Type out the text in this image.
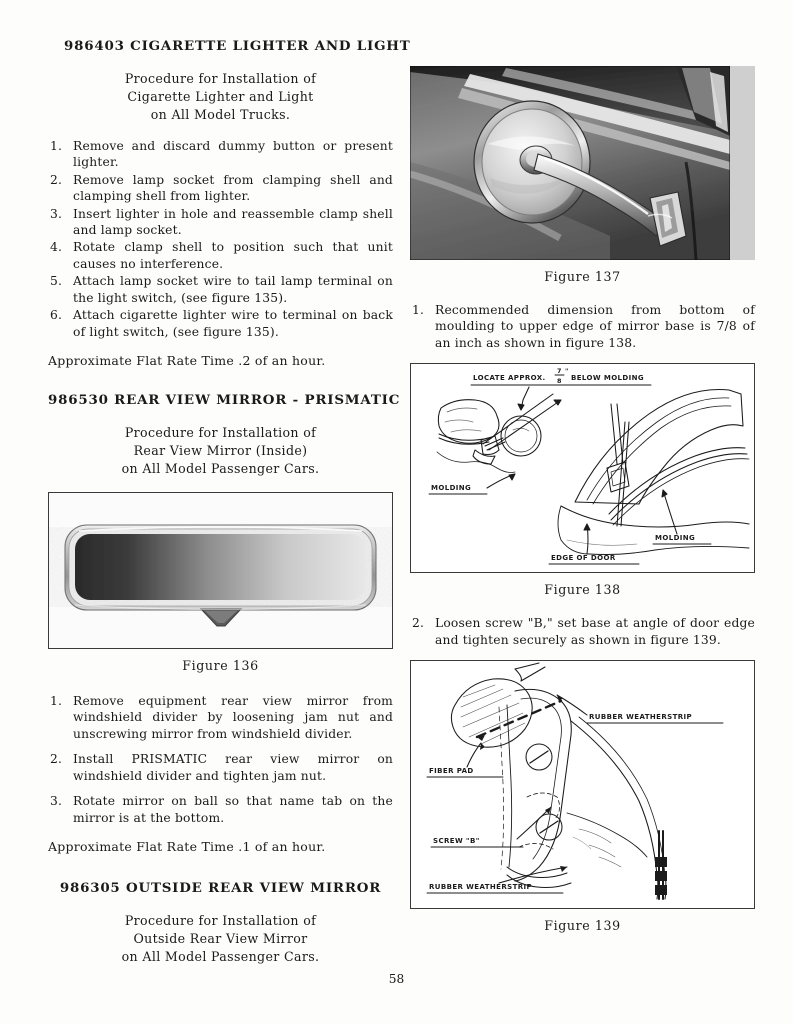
986403 CIGARETTE LIGHTER AND LIGHT
Procedure for Installation of
Cigarette Lighter and Light
on All Model Trucks.
1. Remove and discard dummy button or present lighter.
2. Remove lamp socket from clamping shell and clamping shell from lighter.
3. Insert lighter in hole and reassemble clamp shell and lamp socket.
4. Rotate clamp shell to position such that unit causes no interference.
5. Attach lamp socket wire to tail lamp terminal on the light switch, (see figure 135).
6. Attach cigarette lighter wire to terminal on back of light switch, (see figure 135).

Approximate Flat Rate Time .2 of an hour.

986530 REAR VIEW MIRROR - PRISMATIC
Procedure for Installation of
Rear View Mirror (Inside)
on All Model Passenger Cars.
Figure 136
1. Remove equipment rear view mirror from windshield divider by loosening jam nut and unscrewing mirror from windshield divider.
2. Install PRISMATIC rear view mirror on windshield divider and tighten jam nut.
3. Rotate mirror on ball so that name tab on the mirror is at the bottom.

Approximate Flat Rate Time .1 of an hour.

986305 OUTSIDE REAR VIEW MIRROR
Procedure for Installation of
Outside Rear View Mirror
on All Model Passenger Cars.
Figure 137
1. Recommended dimension from bottom of moulding to upper edge of mirror base is 7/8 of an inch as shown in figure 138.
LOCATE APPROX.
7
8
"
BELOW MOLDING
MOLDING
EDGE OF DOOR
MOLDING
Figure 138
2. Loosen screw "B," set base at angle of door edge and tighten securely as shown in figure 139.
RUBBER WEATHERSTRIP
FIBER PAD
SCREW "B"
RUBBER WEATHERSTRIP
Figure 139
58
